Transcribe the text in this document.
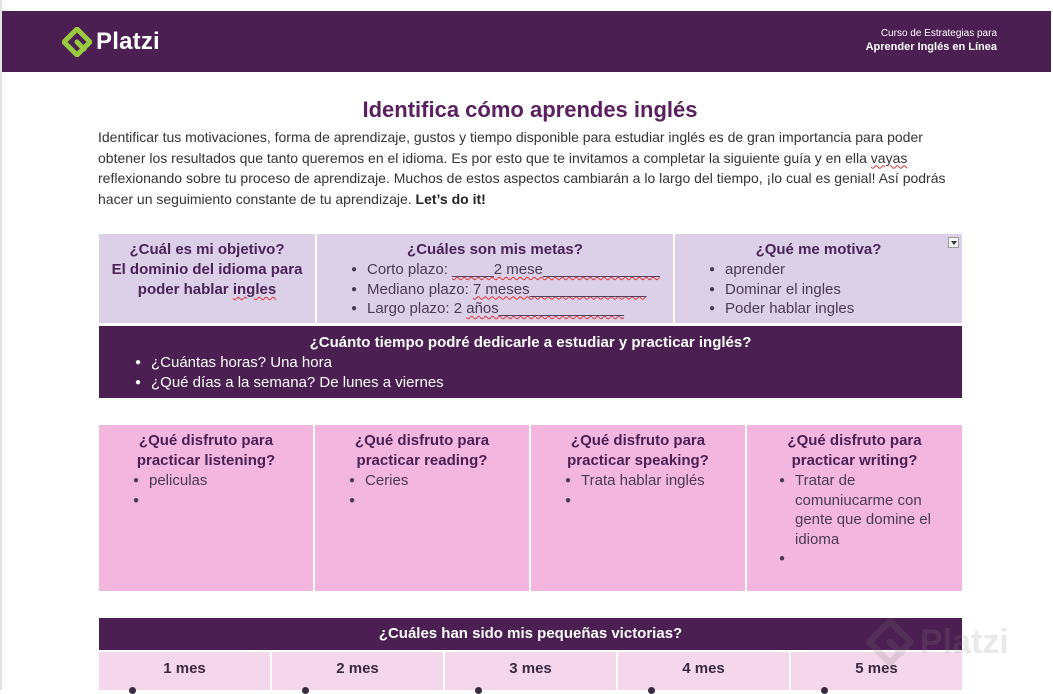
Platzi	Curso de Estrategias para
Aprender Inglés en Línea
Identifica cómo aprendes inglés
Identificar tus motivaciones, forma de aprendizaje, gustos y tiempo disponible para estudiar inglés es de gran importancia para poder obtener los resultados que tanto queremos en el idioma. Es por esto que te invitamos a completar la siguiente guía y en ella vayas reflexionando sobre tu proceso de aprendizaje. Muchos de estos aspectos cambiarán a lo largo del tiempo, ¡lo cual es genial! Así podrás hacer un seguimiento constante de tu aprendizaje. Let’s do it!
¿Cuál es mi objetivo?
El dominio del idioma para
poder hablar ingles
¿Cuáles son mis metas?
● Corto plazo: _____2 mese______________
● Mediano plazo: 7 meses______________
● Largo plazo: 2 años_______________
¿Qué me motiva?
● aprender
● Dominar el ingles
● Poder hablar ingles
¿Cuánto tiempo podré dedicarle a estudiar y practicar inglés?
● ¿Cuántas horas? Una hora
● ¿Qué días a la semana? De lunes a viernes
¿Qué disfruto para
practicar listening?
● peliculas
¿Qué disfruto para
practicar reading?
● Ceries
¿Qué disfruto para
practicar speaking?
● Trata hablar inglés
¿Qué disfruto para
practicar writing?
● Tratar de comuniucarme con gente que domine el idioma
¿Cuáles han sido mis pequeñas victorias?
1 mes	2 mes	3 mes	4 mes	5 mes
Platzi
